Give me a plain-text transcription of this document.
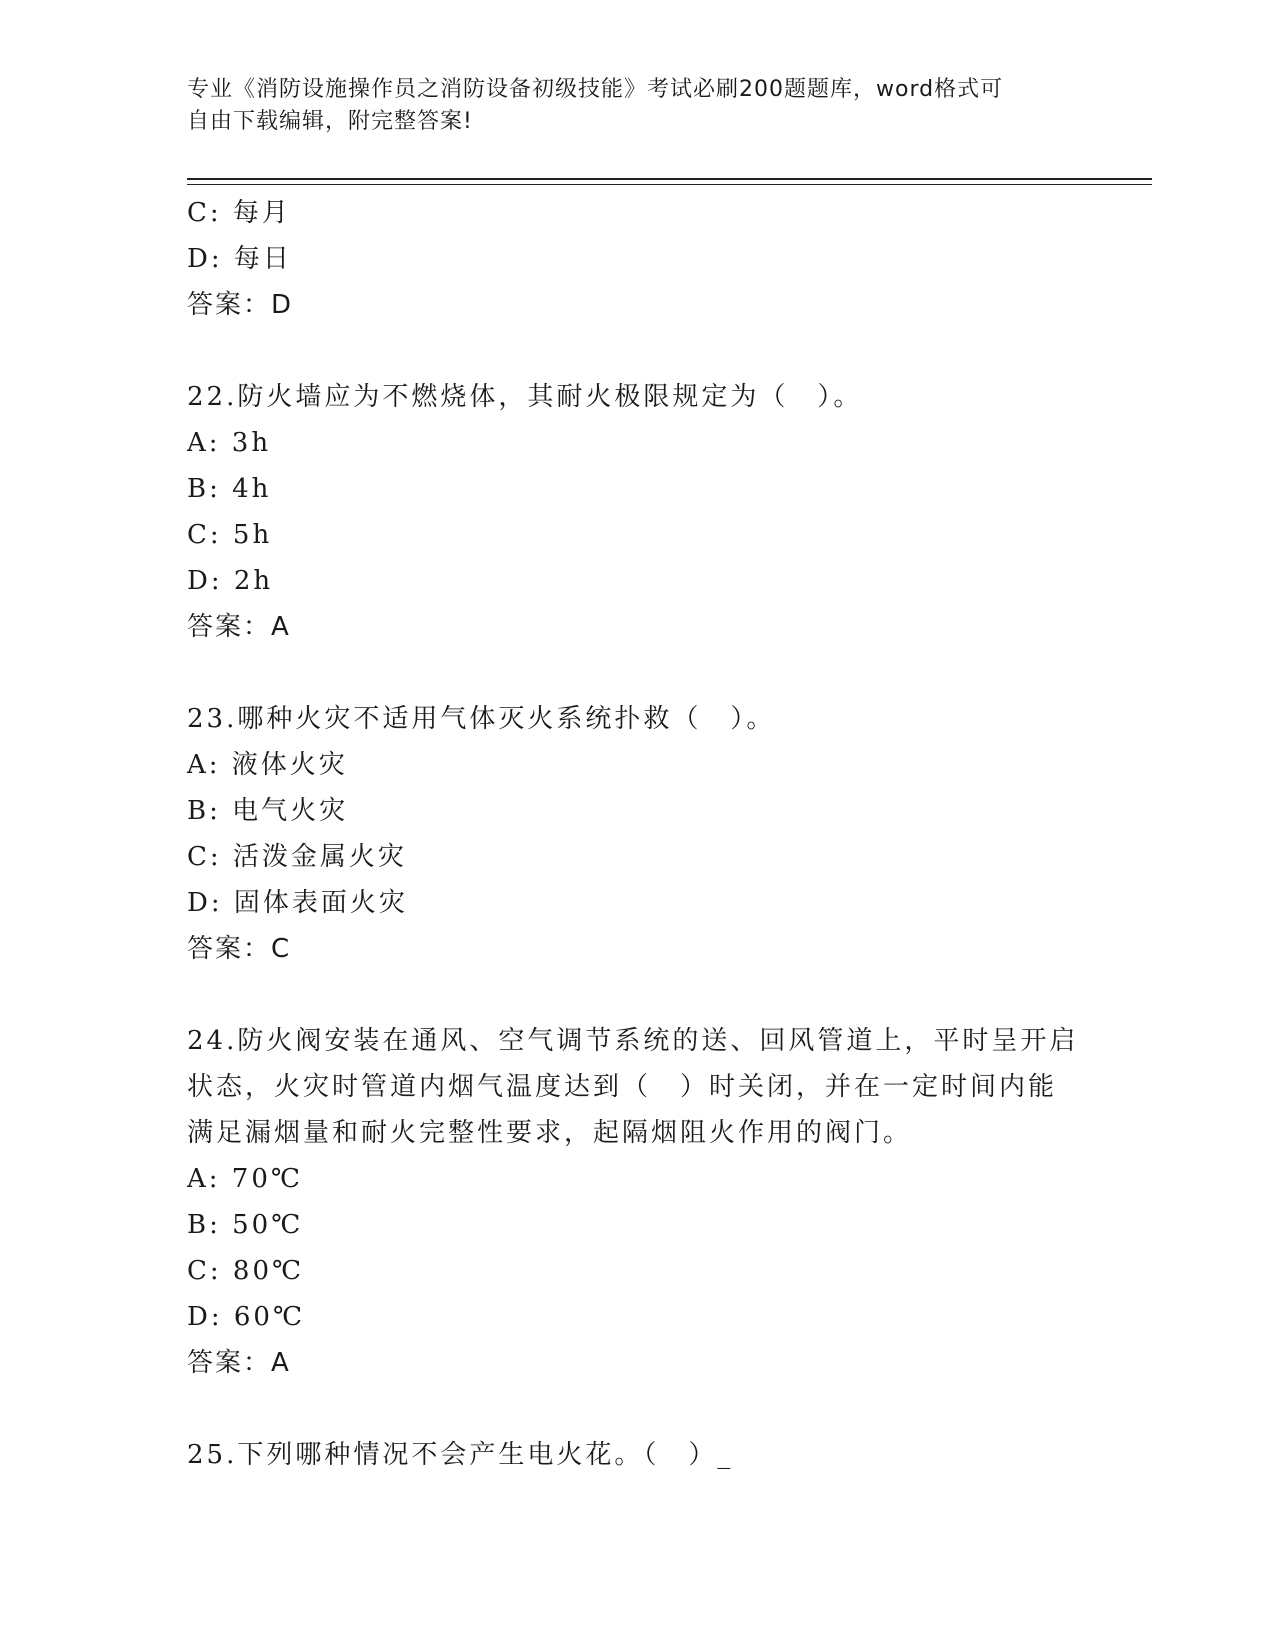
专业《消防设施操作员之消防设备初级技能》考试必刷200题题库，word格式可
自由下载编辑，附完整答案!
C: 每月
D: 每日
答案：D
22.防火墙应为不燃烧体，其耐火极限规定为（　）。
A: 3h
B: 4h
C: 5h
D: 2h
答案：A
23.哪种火灾不适用气体灭火系统扑救（　）。
A: 液体火灾
B: 电气火灾
C: 活泼金属火灾
D: 固体表面火灾
答案：C
24.防火阀安装在通风、空气调节系统的送、回风管道上，平时呈开启
状态，火灾时管道内烟气温度达到（　）时关闭，并在一定时间内能
满足漏烟量和耐火完整性要求，起隔烟阻火作用的阀门。
A: 70℃
B: 50℃
C: 80℃
D: 60℃
答案：A
25.下列哪种情况不会产生电火花。（　）_
